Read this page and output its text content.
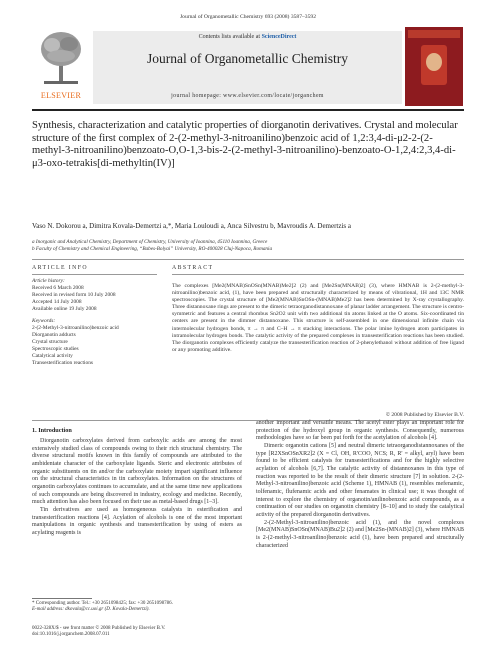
Journal of Organometallic Chemistry 693 (2008) 3587–3592
ELSEVIER
Contents lists available at ScienceDirect
Journal of Organometallic Chemistry
journal homepage: www.elsevier.com/locate/jorganchem
Synthesis, characterization and catalytic properties of diorganotin derivatives. Crystal and molecular structure of the first complex of 2-(2-methyl-3-nitroanilino)benzoic acid of 1,2:3,4-di-μ2-2-(2-methyl-3-nitroanilino)benzoato-O,O-1,3-bis-2-(2-methyl-3-nitroanilino)-benzoato-O-1,2,4:2,3,4-di-μ3-oxo-tetrakis[di-methyltin(IV)]
Vaso N. Dokorou a, Dimitra Kovala-Demertzi a,*, Maria Louloudi a, Anca Silvestru b, Mavroudis A. Demertzis a
a Inorganic and Analytical Chemistry, Department of Chemistry, University of Ioannina, 45110 Ioannina, Greece
b Faculty of Chemistry and Chemical Engineering, “Babes-Bolyai” University, RO-400028 Cluj-Napoca, Romania
ARTICLE INFO	ABSTRACT
Article history:
Received 6 March 2008
Received in revised form 10 July 2008
Accepted 14 July 2008
Available online 19 July 2008
Keywords:
2-(2-Methyl-3-nitroanilino)benzoic acid
Diorganotin adducts
Crystal structure
Spectroscopic studies
Catalytical activity
Transesterification reactions
The complexes [Me2(MNAB)SnOSn(MNAB)Me2]2 (2) and [Me2Sn(MNAB)2] (3), where HMNAB is 2-(2-methyl-3-nitroanilino)benzoic acid, (1), have been prepared and structurally characterized by means of vibrational, 1H and 13C NMR spectroscopies. The crystal structure of [Me2(MNAB)SnOSn-(MNAB)Me2]2 has been determined by X-ray crystallography. Three distannoxane rings are present to the dimeric tetraorganodistannoxane of planar ladder arrangement. The structure is centro-symmetric and features a central rhombus Sn2O2 unit with two additional tin atoms linked at the O atoms. Six-coordinated tin centers are present in the dimmer distannoxane. This structure is self-assembled in one dimensional infinite chain via intermolecular hydrogen bonds, π → π and C–H → π stacking interactions. The polar imine hydrogen atom participates in intramolecular hydrogen bonds. The catalytic activity of the prepared complexes in transesterification reactions has been studied. The diorganotin complexes efficiently catalyze the transesterification reaction of 2-phenylethanol without addition of free ligand or any promoting additive.
© 2008 Published by Elsevier B.V.
1. Introduction

Diorganotin carboxylates derived from carboxylic acids are among the most extensively studied class of compounds owing to their rich structural chemistry. The diverse structural motifs known in this family of compounds are attributed to the ambidentate character of the carboxylate ligands. Steric and electronic attributes of organic substituents on tin and/or the carboxylate moiety impart significant influence on the structural characteristics in tin carboxylates. Information on the structures of organotin carboxylates continues to accumulate, and at the same time new applications of such compounds are being discovered in industry, ecology and medicine. Recently, much attention has also been focused on their use as metal-based drugs [1–3].

Tin derivatives are used as homogeneous catalysts in esterification and transesterification reactions [4]. Acylation of alcohols is one of the most important manipulations in organic synthesis and transesterification by using of esters as acylating reagents is

another important and versatile means. The acetyl ester plays an important role for protection of the hydroxyl group in organic synthesis. Consequently, numerous methodologies have so far been put forth for the acetylation of alcohols [4].

Dimeric organotin cations [5] and neutral dimeric tetraorganodistannoxanes of the type [R2XSnOSnXR2]2 (X = Cl, OH, R'COO, NCS; R, R' = alkyl, aryl) have been found to be efficient catalysts for transesterifications and for the highly selective acylation of alcohols [6,7]. The catalytic activity of distannoxanes in this type of reaction was reported to be the result of their dimeric structure [7] in solution. 2-(2-Methyl-3-nitroanilino)benzoic acid (Scheme 1), HMNAB (1), resembles mefenamic, tolfenamic, flufenamic acids and other fenamates in clinical use; it was thought of interest to explore the chemistry of organotin/anilinobenzoic acid compounds, as a continuation of our studies on organotin chemistry [8–10] and to study the catalytical activity of the prepared diorganotin derivatives.

2-(2-Methyl-3-nitroanilino)benzoic acid (1), and the novel complexes [Me2(MNAB)SnOSn(MNAB)Bu2]2 (2) and [Me2Sn-(MNAB)2] (3), where HMNAB is 2-(2-methyl-3-nitroanilino)benzoic acid (1), have been prepared and structurally characterized

* Corresponding author. Tel.: +30 2651098425; fax: +30 2651098786.
E-mail address: dkovala@cc.uoi.gr (D. Kovala-Demertzi).
0022-328X/$ - see front matter © 2008 Published by Elsevier B.V.
doi:10.1016/j.jorganchem.2008.07.011
